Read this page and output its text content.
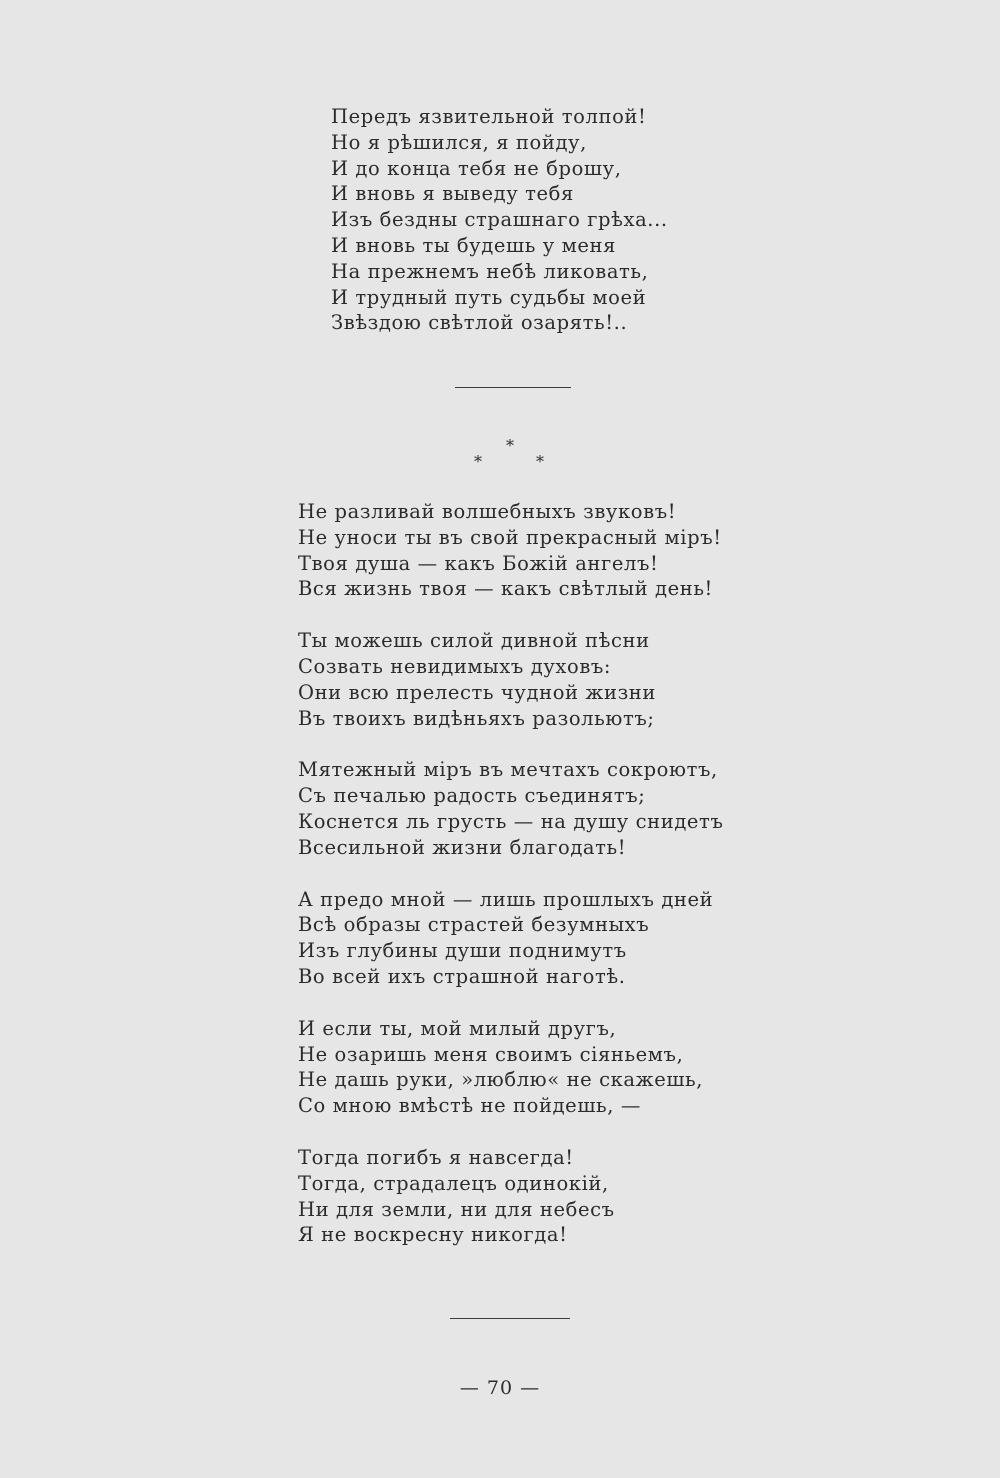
Передъ язвительной толпой!
Но я рѣшился, я пойду,
И до конца тебя не брошу,
И вновь я выведу тебя
Изъ бездны страшнаго грѣха...
И вновь ты будешь у меня
На прежнемъ небѣ ликовать,
И трудный путь судьбы моей
Звѣздою свѣтлой озарять!..
*
*	*
Не разливай волшебныхъ звуковъ!
Не уноси ты въ свой прекрасный міръ!
Твоя душа — какъ Божій ангелъ!
Вся жизнь твоя — какъ свѣтлый день!
Ты можешь силой дивной пѣсни
Созвать невидимыхъ духовъ:
Они всю прелесть чудной жизни
Въ твоихъ видѣньяхъ разольютъ;
Мятежный міръ въ мечтахъ сокроютъ,
Съ печалью радость съединятъ;
Коснется ль грусть — на душу снидетъ
Всесильной жизни благодать!
А предо мной — лишь прошлыхъ дней
Всѣ образы страстей безумныхъ
Изъ глубины души поднимутъ
Во всей ихъ страшной наготѣ.
И если ты, мой милый другъ,
Не озаришь меня своимъ сіяньемъ,
Не дашь руки, »люблю« не скажешь,
Со мною вмѣстѣ не пойдешь, —
Тогда погибъ я навсегда!
Тогда, страдалецъ одинокій,
Ни для земли, ни для небесъ
Я не воскресну никогда!
— 70 —
